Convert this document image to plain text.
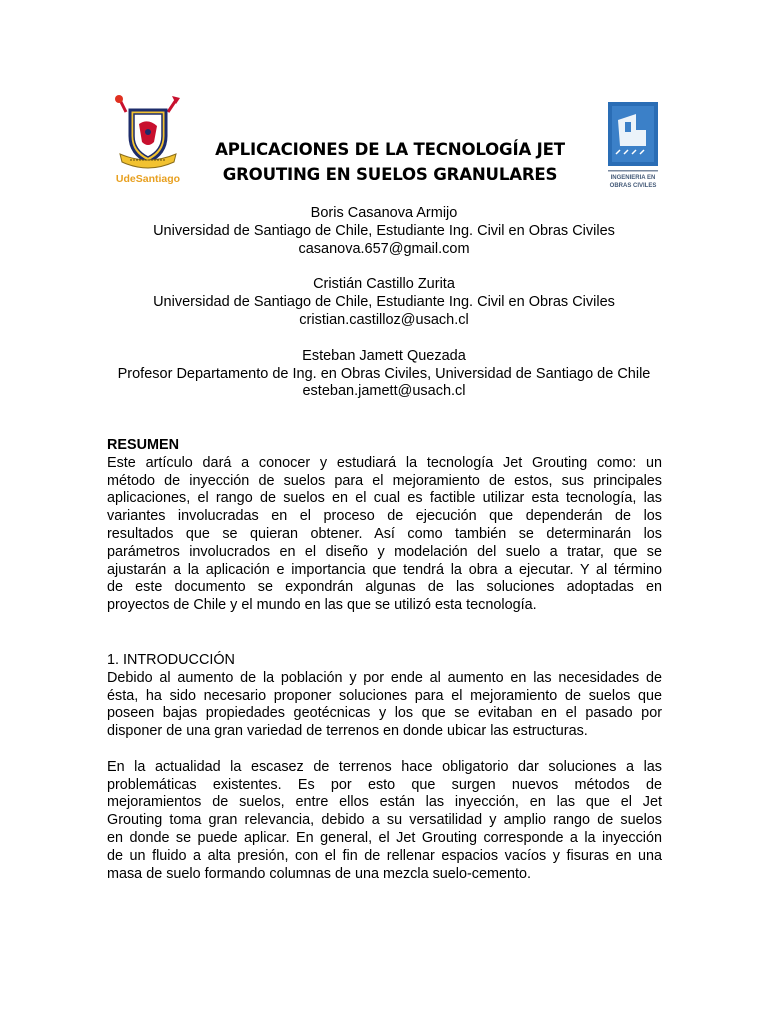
UdeSantiago	INGENIERIA EN
OBRAS CIVILES
APLICACIONES DE LA TECNOLOGÍA JET
GROUTING EN SUELOS GRANULARES
Boris Casanova Armijo
Universidad de Santiago de Chile, Estudiante Ing. Civil en Obras Civiles
casanova.657@gmail.com
Cristián Castillo Zurita
Universidad de Santiago de Chile, Estudiante Ing. Civil en Obras Civiles
cristian.castilloz@usach.cl
Esteban Jamett Quezada
Profesor Departamento de Ing. en Obras Civiles, Universidad de Santiago de Chile
esteban.jamett@usach.cl
RESUMEN
Este artículo dará a conocer y estudiará la tecnología Jet Grouting como: un
método de inyección de suelos para el mejoramiento de estos, sus principales
aplicaciones, el rango de suelos en el cual es factible utilizar esta tecnología, las
variantes involucradas en el proceso de ejecución que dependerán de los
resultados que se quieran obtener. Así como también se determinarán los
parámetros involucrados en el diseño y modelación del suelo a tratar, que se
ajustarán a la aplicación e importancia que tendrá la obra a ejecutar. Y al término
de este documento se expondrán algunas de las soluciones adoptadas en
proyectos de Chile y el mundo en las que se utilizó esta tecnología.
1. INTRODUCCIÓN
Debido al aumento de la población y por ende al aumento en las necesidades de
ésta, ha sido necesario proponer soluciones para el mejoramiento de suelos que
poseen bajas propiedades geotécnicas y los que se evitaban en el pasado por
disponer de una gran variedad de terrenos en donde ubicar las estructuras.
En la actualidad la escasez de terrenos hace obligatorio dar soluciones a las
problemáticas existentes. Es por esto que surgen nuevos métodos de
mejoramientos de suelos, entre ellos están las inyección, en las que el Jet
Grouting toma gran relevancia, debido a su versatilidad y amplio rango de suelos
en donde se puede aplicar. En general, el Jet Grouting corresponde a la inyección
de un fluido a alta presión, con el fin de rellenar espacios vacíos y fisuras en una
masa de suelo formando columnas de una mezcla suelo-cemento.
